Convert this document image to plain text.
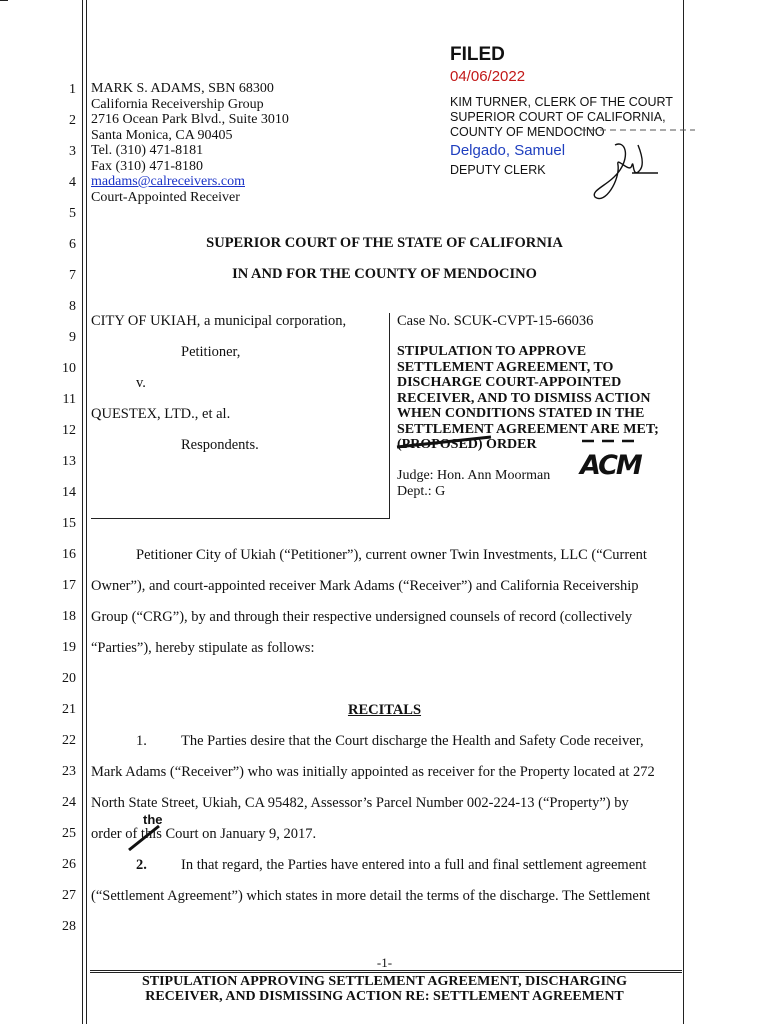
1
2
3
4
5
6
7
8
9
10
11
12
13
14
15
16
17
18
19
20
21
22
23
24
25
26
27
28
MARK S. ADAMS, SBN 68300
California Receivership Group
2716 Ocean Park Blvd., Suite 3010
Santa Monica, CA 90405
Tel. (310) 471-8181
Fax (310) 471-8180
madams@calreceivers.com
Court-Appointed Receiver
FILED
04/06/2022
KIM TURNER, CLERK OF THE COURT
SUPERIOR COURT OF CALIFORNIA,
COUNTY OF MENDOCINO
Delgado, Samuel
DEPUTY CLERK
SUPERIOR COURT OF THE STATE OF CALIFORNIA
IN AND FOR THE COUNTY OF MENDOCINO
CITY OF UKIAH, a municipal corporation,
Petitioner,
v.
QUESTEX, LTD., et al.
Respondents.
Case No. SCUK-CVPT-15-66036
STIPULATION TO APPROVE
SETTLEMENT AGREEMENT, TO
DISCHARGE COURT-APPOINTED
RECEIVER, AND TO DISMISS ACTION
WHEN CONDITIONS STATED IN THE
SETTLEMENT AGREEMENT ARE MET;
(PROPOSED) ORDER
Judge: Hon. Ann Moorman
Dept.: G
ACM
Petitioner City of Ukiah (“Petitioner”), current owner Twin Investments, LLC (“Current
Owner”), and court-appointed receiver Mark Adams (“Receiver”) and California Receivership
Group (“CRG”), by and through their respective undersigned counsels of record (collectively
“Parties”), hereby stipulate as follows:
RECITALS
1. The Parties desire that the Court discharge the Health and Safety Code receiver,
Mark Adams (“Receiver”) who was initially appointed as receiver for the Property located at 272
North State Street, Ukiah, CA 95482, Assessor’s Parcel Number 002-224-13 (“Property”) by
order of this Court on January 9, 2017.
the
2. In that regard, the Parties have entered into a full and final settlement agreement
(“Settlement Agreement”) which states in more detail the terms of the discharge. The Settlement
-1-
STIPULATION APPROVING SETTLEMENT AGREEMENT, DISCHARGING
RECEIVER, AND DISMISSING ACTION RE: SETTLEMENT AGREEMENT
